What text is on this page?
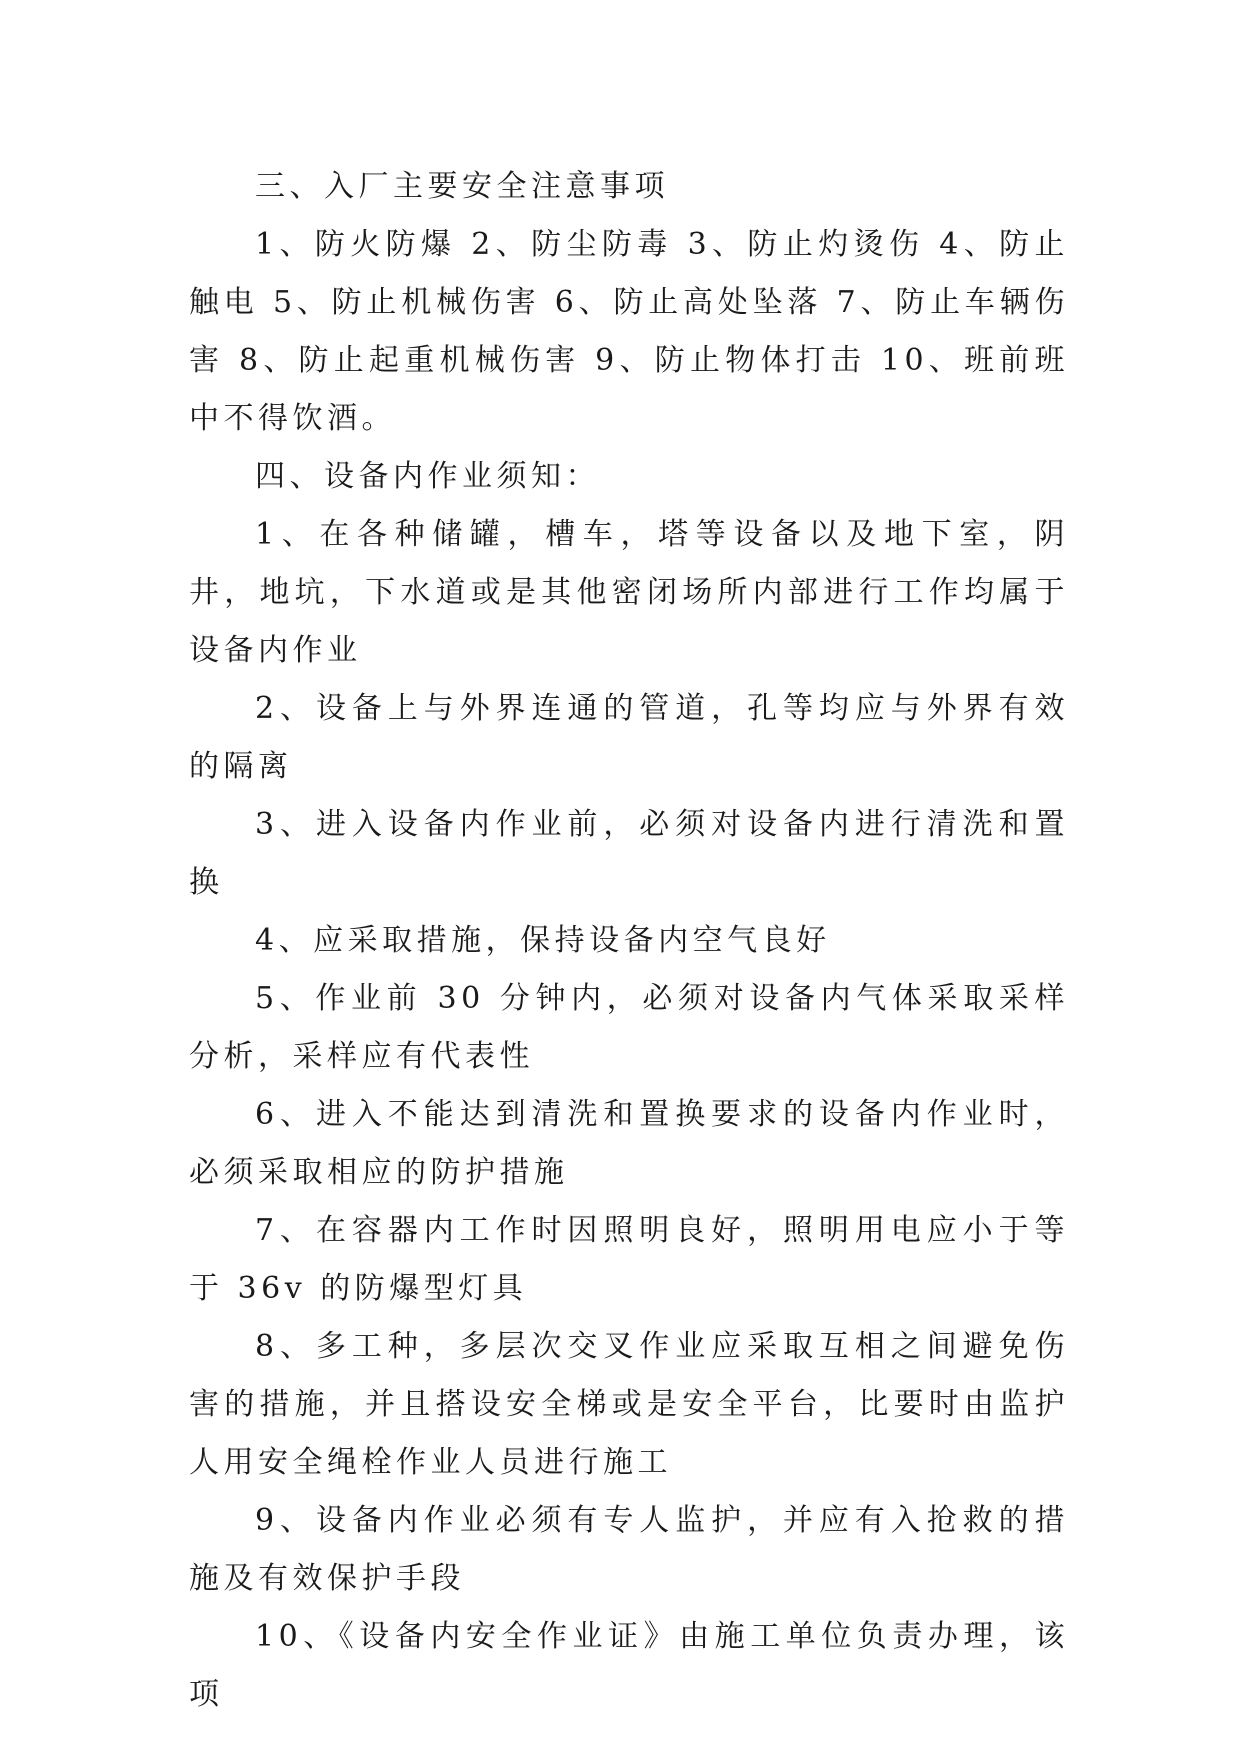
三、入厂主要安全注意事项

1、防火防爆 2、防尘防毒 3、防止灼烫伤 4、防止触电 5、防止机械伤害 6、防止高处坠落 7、防止车辆伤害 8、防止起重机械伤害 9、防止物体打击 10、班前班中不得饮酒。

四、设备内作业须知：

1、在各种储罐，槽车，塔等设备以及地下室，阴井，地坑，下水道或是其他密闭场所内部进行工作均属于设备内作业

2、设备上与外界连通的管道，孔等均应与外界有效的隔离

3、进入设备内作业前，必须对设备内进行清洗和置换

4、应采取措施，保持设备内空气良好

5、作业前 30 分钟内，必须对设备内气体采取采样分析，采样应有代表性

6、进入不能达到清洗和置换要求的设备内作业时，必须采取相应的防护措施

7、在容器内工作时因照明良好，照明用电应小于等于 36v 的防爆型灯具

8、多工种，多层次交叉作业应采取互相之间避免伤害的措施，并且搭设安全梯或是安全平台，比要时由监护人用安全绳栓作业人员进行施工

9、设备内作业必须有专人监护，并应有入抢救的措施及有效保护手段

10、《设备内安全作业证》由施工单位负责办理，该项
